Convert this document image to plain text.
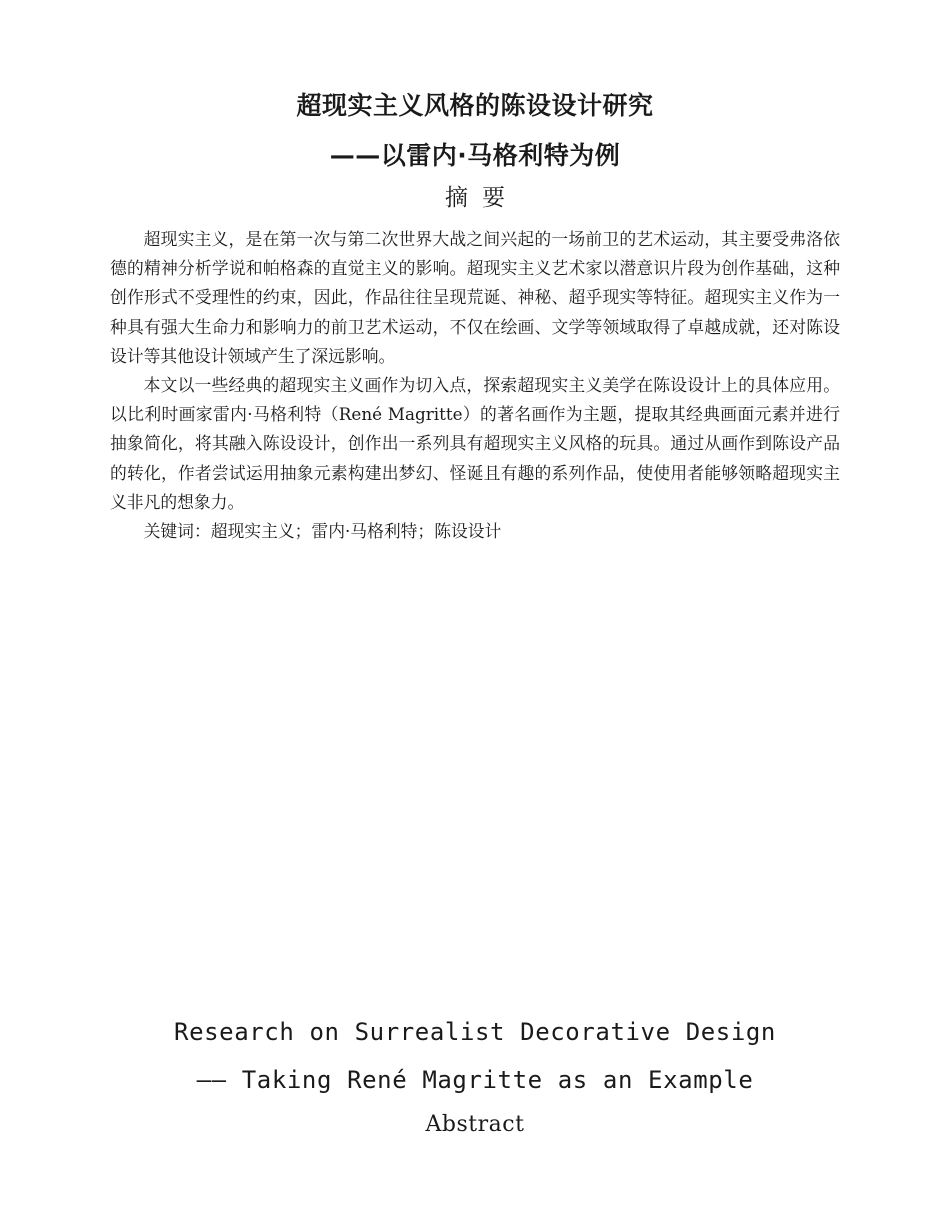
超现实主义风格的陈设设计研究
——以雷内·马格利特为例
摘要

超现实主义，是在第一次与第二次世界大战之间兴起的一场前卫的艺术运动，其主要受弗洛依德的精神分析学说和帕格森的直觉主义的影响。超现实主义艺术家以潜意识片段为创作基础，这种创作形式不受理性的约束，因此，作品往往呈现荒诞、神秘、超乎现实等特征。超现实主义作为一种具有强大生命力和影响力的前卫艺术运动，不仅在绘画、文学等领域取得了卓越成就，还对陈设设计等其他设计领域产生了深远影响。

本文以一些经典的超现实主义画作为切入点，探索超现实主义美学在陈设设计上的具体应用。以比利时画家雷内·马格利特（René Magritte）的著名画作为主题，提取其经典画面元素并进行抽象简化，将其融入陈设设计，创作出一系列具有超现实主义风格的玩具。通过从画作到陈设产品的转化，作者尝试运用抽象元素构建出梦幻、怪诞且有趣的系列作品，使使用者能够领略超现实主义非凡的想象力。

关键词：超现实主义；雷内·马格利特；陈设设计

Research on Surrealist Decorative Design
—— Taking René Magritte as an Example
Abstract
